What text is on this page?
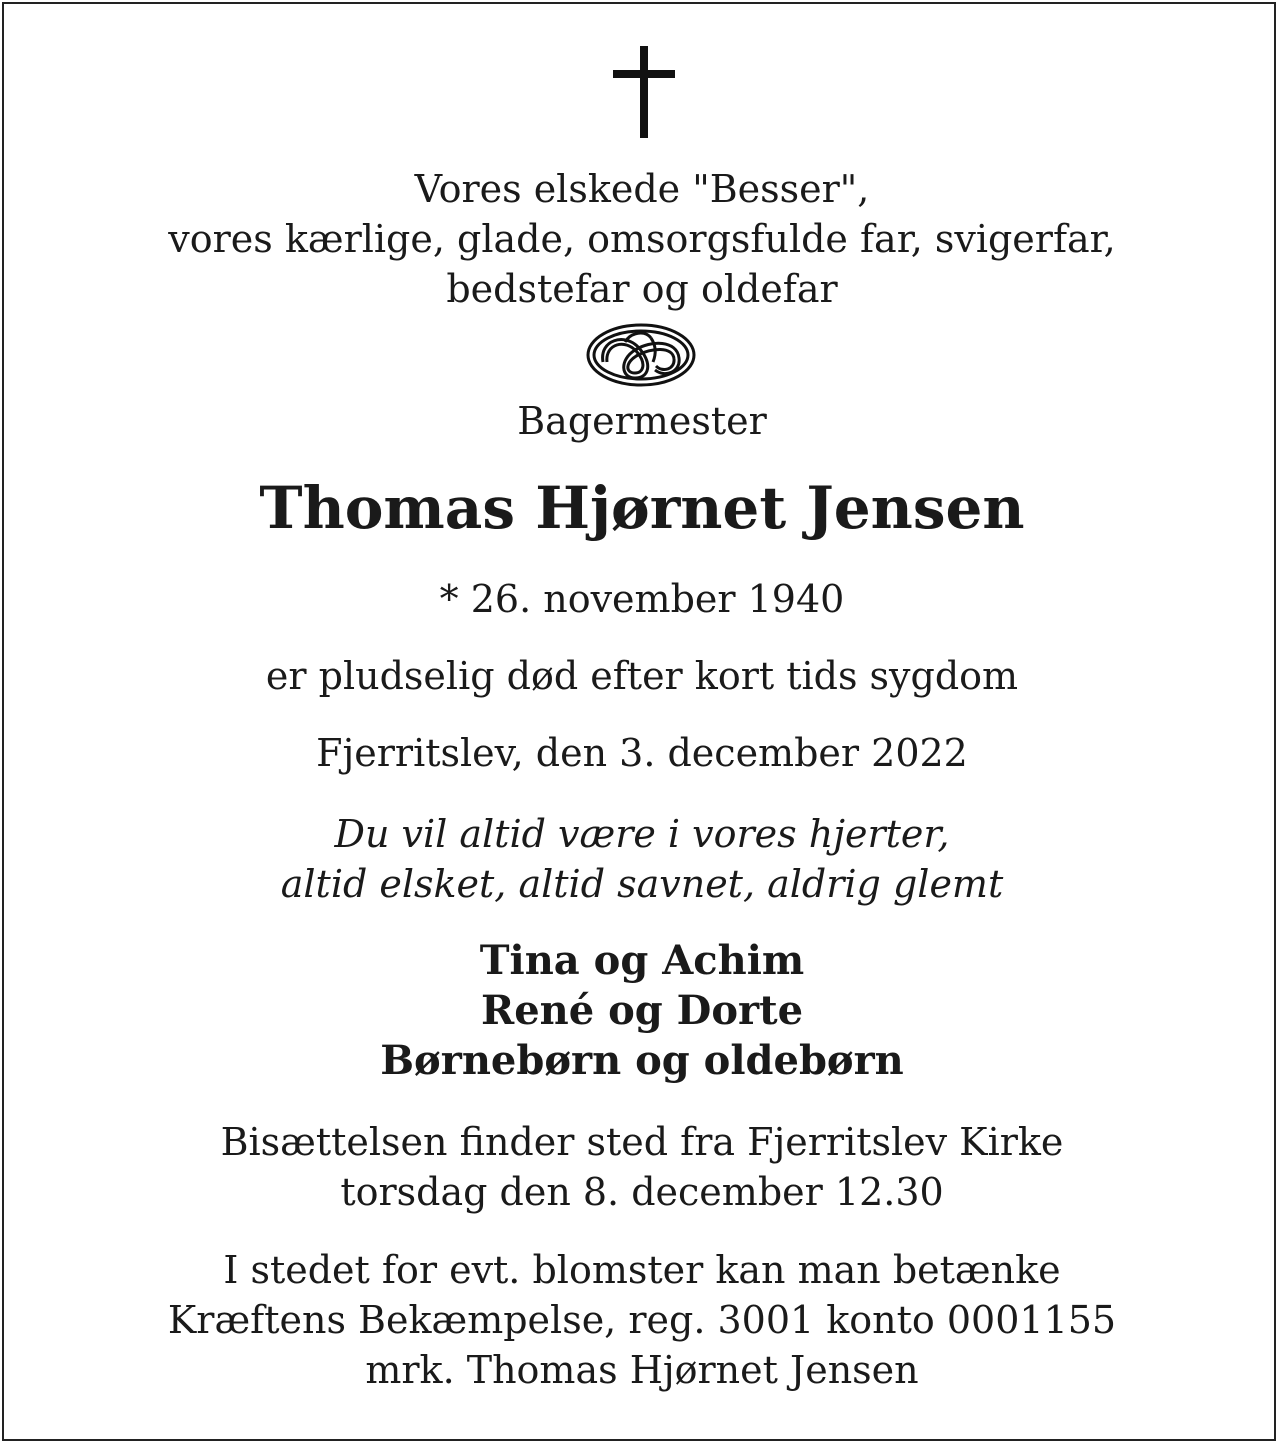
Vores elskede "Besser",
vores kærlige, glade, omsorgsfulde far, svigerfar,
bedstefar og oldefar
Bagermester
Thomas Hjørnet Jensen
* 26. november 1940
er pludselig død efter kort tids sygdom
Fjerritslev, den 3. december 2022
Du vil altid være i vores hjerter,
altid elsket, altid savnet, aldrig glemt
Tina og Achim
René og Dorte
Børnebørn og oldebørn
Bisættelsen finder sted fra Fjerritslev Kirke
torsdag den 8. december 12.30
I stedet for evt. blomster kan man betænke
Kræftens Bekæmpelse, reg. 3001 konto 0001155
mrk. Thomas Hjørnet Jensen
